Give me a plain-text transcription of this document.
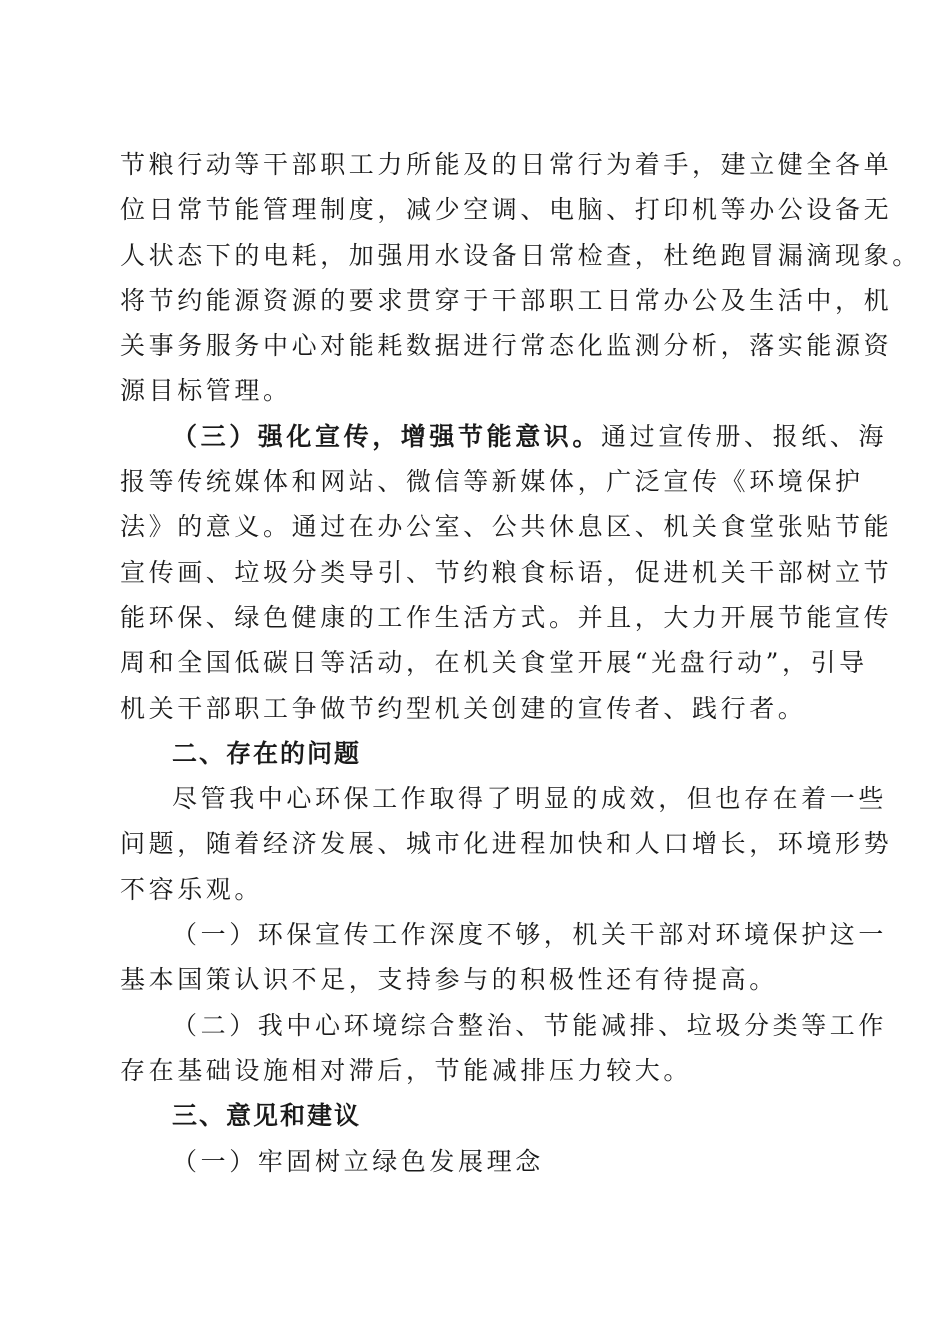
节粮行动等干部职工力所能及的日常行为着手，建立健全各单
位日常节能管理制度，减少空调、电脑、打印机等办公设备无
人状态下的电耗，加强用水设备日常检查，杜绝跑冒漏滴现象。
将节约能源资源的要求贯穿于干部职工日常办公及生活中，机
关事务服务中心对能耗数据进行常态化监测分析，落实能源资
源目标管理。
（三）强化宣传，增强节能意识。通过宣传册、报纸、海
报等传统媒体和网站、微信等新媒体，广泛宣传《环境保护
法》的意义。通过在办公室、公共休息区、机关食堂张贴节能
宣传画、垃圾分类导引、节约粮食标语，促进机关干部树立节
能环保、绿色健康的工作生活方式。并且，大力开展节能宣传
周和全国低碳日等活动，在机关食堂开展“光盘行动”，引导
机关干部职工争做节约型机关创建的宣传者、践行者。
二、存在的问题
尽管我中心环保工作取得了明显的成效，但也存在着一些
问题，随着经济发展、城市化进程加快和人口增长，环境形势
不容乐观。
（一）环保宣传工作深度不够，机关干部对环境保护这一
基本国策认识不足，支持参与的积极性还有待提高。
（二）我中心环境综合整治、节能减排、垃圾分类等工作
存在基础设施相对滞后，节能减排压力较大。
三、意见和建议
（一）牢固树立绿色发展理念
